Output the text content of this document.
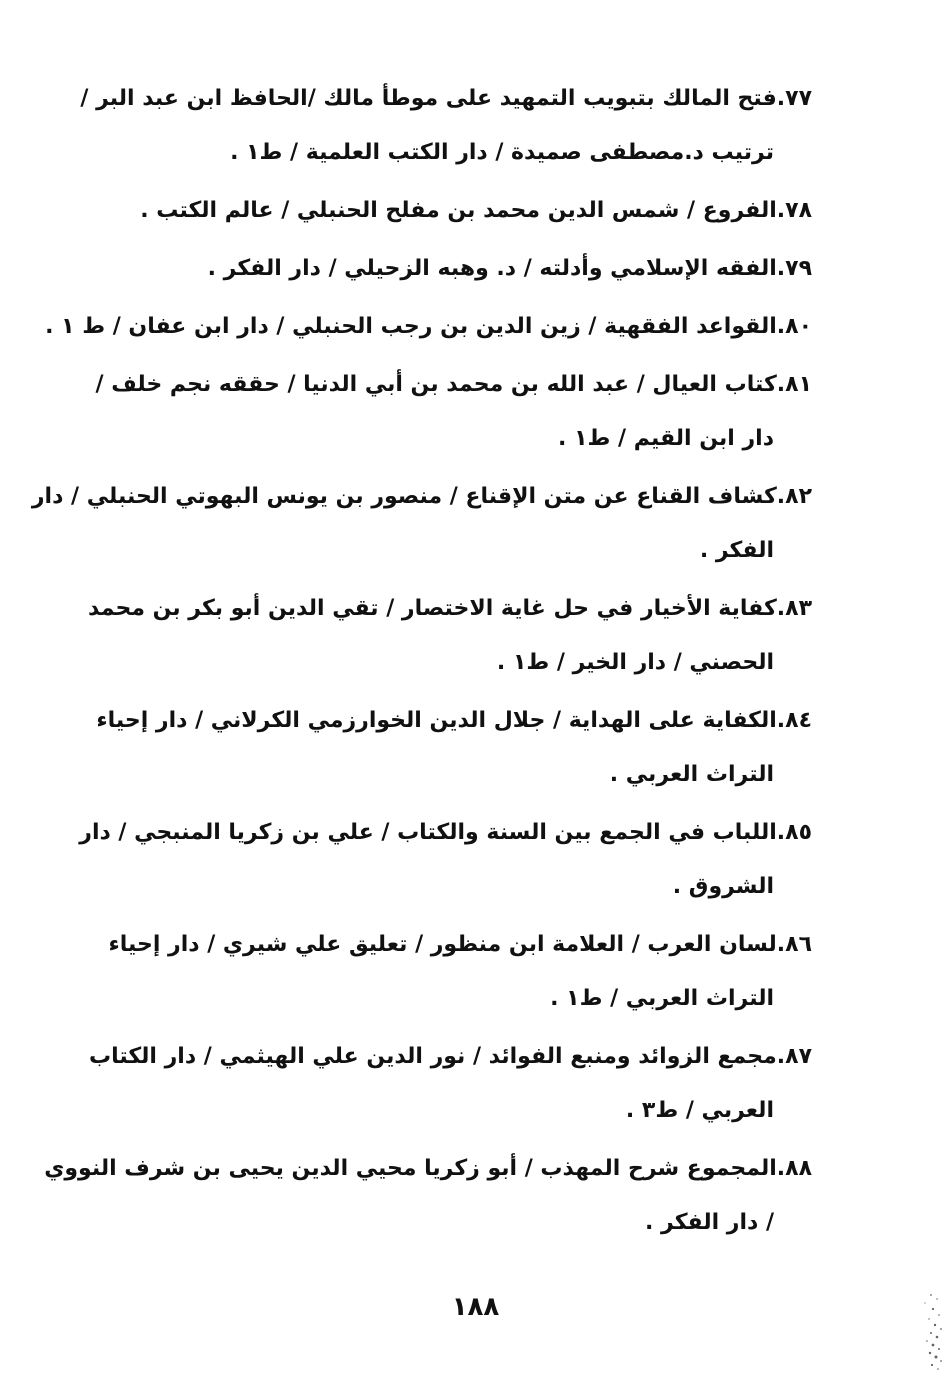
٧٧.فتح المالك بتبويب التمهيد على موطأ مالك /الحافظ ابن عبد البر /
ترتيب د.مصطفى صميدة / دار الكتب العلمية / ط١ .
٧٨.الفروع / شمس الدين محمد بن مفلح الحنبلي / عالم الكتب .
٧٩.الفقه الإسلامي وأدلته / د. وهبه الزحيلي / دار الفكر .
٨٠.القواعد الفقهية / زين الدين بن رجب الحنبلي / دار ابن عفان / ط ١ .
٨١.كتاب العيال / عبد الله بن محمد بن أبي الدنيا / حققه نجم خلف /
دار ابن القيم / ط١ .
٨٢.كشاف القناع عن متن الإقناع / منصور بن يونس البهوتي الحنبلي / دار
الفكر .
٨٣.كفاية الأخيار في حل غاية الاختصار / تقي الدين أبو بكر بن محمد
الحصني / دار الخير / ط١ .
٨٤.الكفاية على الهداية / جلال الدين الخوارزمي الكرلاني / دار إحياء
التراث العربي .
٨٥.اللباب في الجمع بين السنة والكتاب / علي بن زكريا المنبجي / دار
الشروق .
٨٦.لسان العرب / العلامة ابن منظور / تعليق علي شيري / دار إحياء
التراث العربي / ط١ .
٨٧.مجمع الزوائد ومنبع الفوائد / نور الدين علي الهيثمي / دار الكتاب
العربي / ط٣ .
٨٨.المجموع شرح المهذب / أبو زكريا محيي الدين يحيى بن شرف النووي
/ دار الفكر .
١٨٨
